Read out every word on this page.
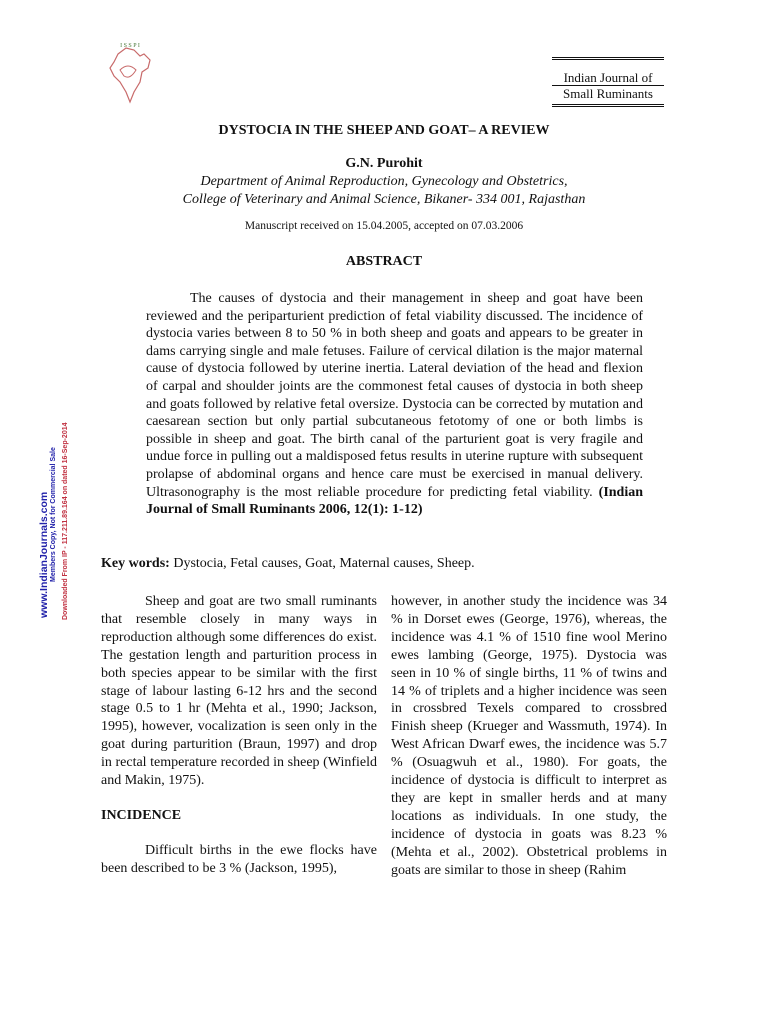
I S S P I
Indian Journal of
Small Ruminants
DYSTOCIA IN THE SHEEP AND GOAT– A REVIEW
G.N. Purohit
Department of Animal Reproduction, Gynecology and Obstetrics,
College of Veterinary and Animal Science, Bikaner- 334 001, Rajasthan
Manuscript received on 15.04.2005, accepted on 07.03.2006
ABSTRACT

The causes of dystocia and their management in sheep and goat have been reviewed and the periparturient prediction of fetal viability discussed. The incidence of dystocia varies between 8 to 50 % in both sheep and goats and appears to be greater in dams carrying single and male fetuses. Failure of cervical dilation is the major maternal cause of dystocia followed by uterine inertia. Lateral deviation of the head and flexion of carpal and shoulder joints are the commonest fetal causes of dystocia in both sheep and goats followed by relative fetal oversize. Dystocia can be corrected by mutation and caesarean section but only partial subcutaneous fetotomy of one or both limbs is possible in sheep and goat. The birth canal of the parturient goat is very fragile and undue force in pulling out a maldisposed fetus results in uterine rupture with subsequent prolapse of abdominal organs and hence care must be exercised in manual delivery. Ultrasonography is the most reliable procedure for predicting fetal viability. (Indian Journal of Small Ruminants 2006, 12(1): 1-12)

Key words: Dystocia, Fetal causes, Goat, Maternal causes, Sheep.

Sheep and goat are two small ruminants that resemble closely in many ways in reproduction although some differences do exist. The gestation length and parturition process in both species appear to be similar with the first stage of labour lasting 6-12 hrs and the second stage 0.5 to 1 hr (Mehta et al., 1990; Jackson, 1995), however, vocalization is seen only in the goat during parturition (Braun, 1997) and drop in rectal temperature recorded in sheep (Winfield and Makin, 1975).

INCIDENCE

Difficult births in the ewe flocks have been described to be 3 % (Jackson, 1995),

however, in another study the incidence was 34 % in Dorset ewes (George, 1976), whereas, the incidence was 4.1 % of 1510 fine wool Merino ewes lambing (George, 1975). Dystocia was seen in 10 % of single births, 11 % of twins and 14 % of triplets and a higher incidence was seen in crossbred Texels compared to crossbred Finish sheep (Krueger and Wassmuth, 1974). In West African Dwarf ewes, the incidence was 5.7 % (Osuagwuh et al., 1980). For goats, the incidence of dystocia is difficult to interpret as they are kept in smaller herds and at many locations as individuals. In one study, the incidence of dystocia in goats was 8.23 % (Mehta et al., 2002). Obstetrical problems in goats are similar to those in sheep (Rahim

www.IndianJournals.com Members Copy, Not for Commercial Sale Downloaded From IP - 117.211.89.164 on dated 16-Sep-2014
